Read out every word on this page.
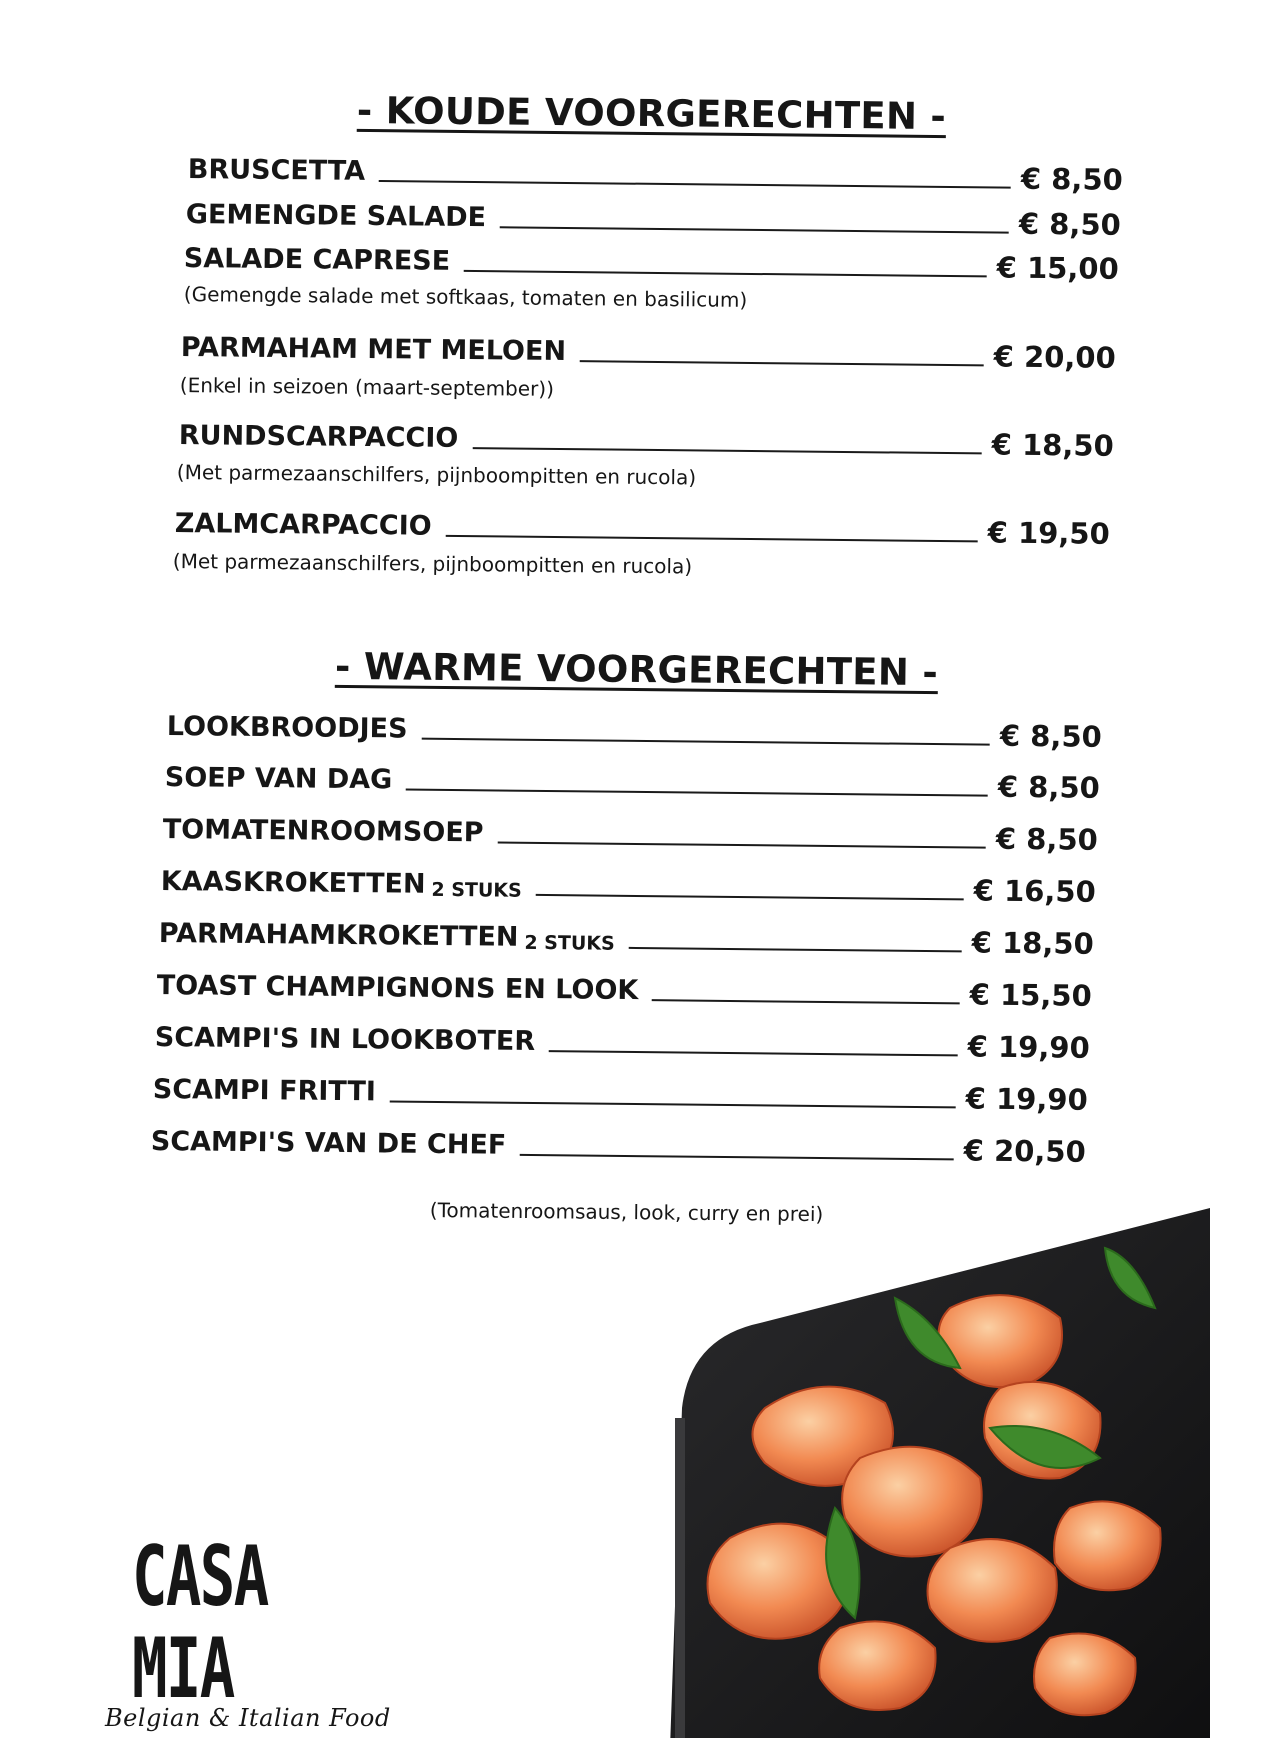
- KOUDE VOORGERECHTEN -
BRUSCETTA	€ 8,50
GEMENGDE SALADE	€ 8,50
SALADE CAPRESE	€ 15,00
(Gemengde salade met softkaas, tomaten en basilicum)
PARMAHAM MET MELOEN	€ 20,00
(Enkel in seizoen (maart-september))
RUNDSCARPACCIO	€ 18,50
(Met parmezaanschilfers, pijnboompitten en rucola)
ZALMCARPACCIO	€ 19,50
(Met parmezaanschilfers, pijnboompitten en rucola)
- WARME VOORGERECHTEN -
LOOKBROODJES	€ 8,50
SOEP VAN DAG	€ 8,50
TOMATENROOMSOEP	€ 8,50
KAASKROKETTEN 2 STUKS	€ 16,50
PARMAHAMKROKETTEN 2 STUKS	€ 18,50
TOAST CHAMPIGNONS EN LOOK	€ 15,50
SCAMPI'S IN LOOKBOTER	€ 19,90
SCAMPI FRITTI	€ 19,90
SCAMPI'S VAN DE CHEF	€ 20,50
(Tomatenroomsaus, look, curry en prei)
CASA MIA
Belgian & Italian Food
